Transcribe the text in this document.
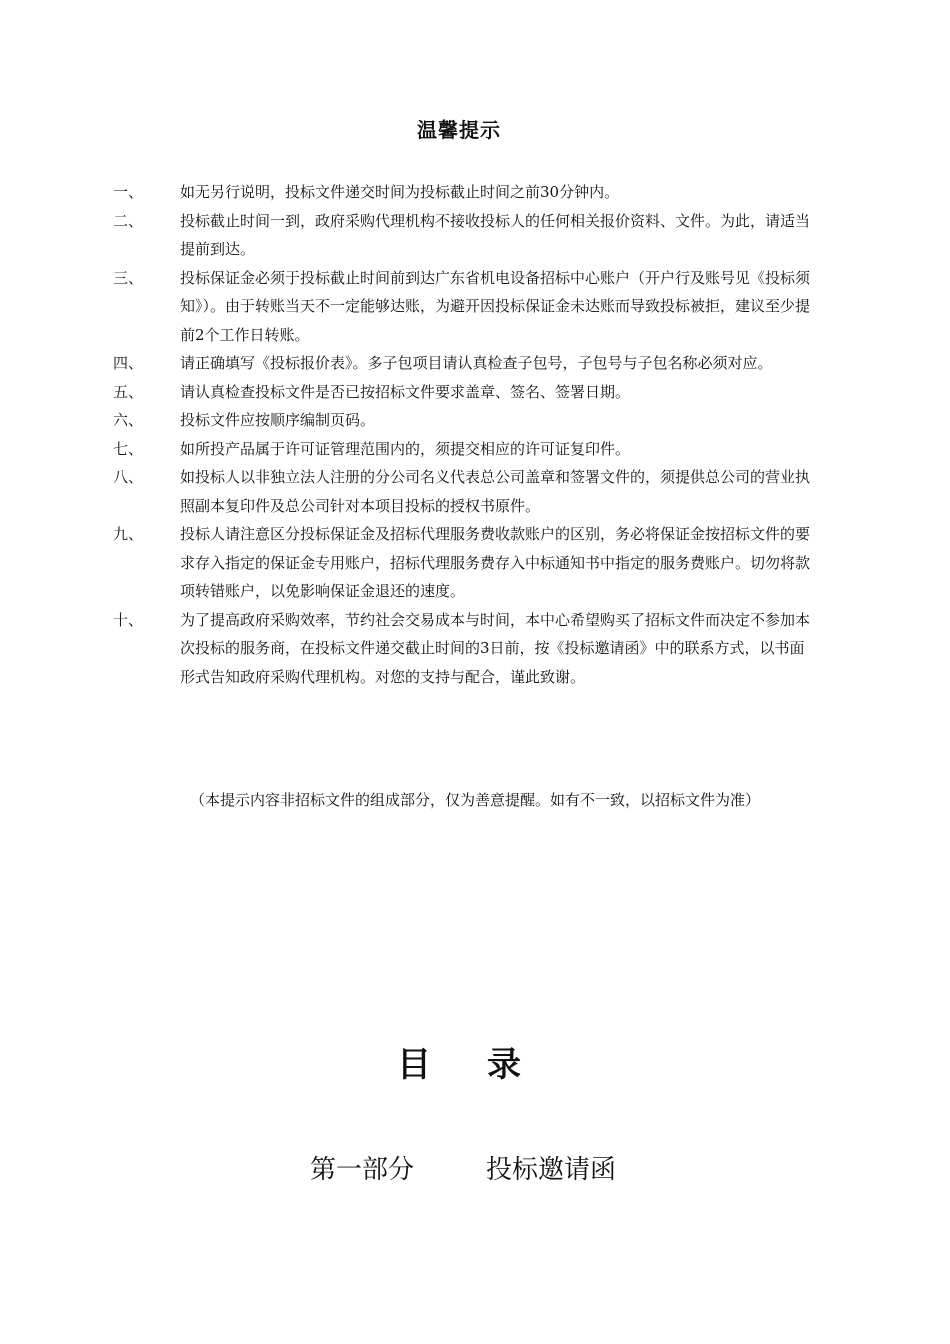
温馨提示
一、	如无另行说明，投标文件递交时间为投标截止时间之前30分钟内。
二、	投标截止时间一到，政府采购代理机构不接收投标人的任何相关报价资料、文件。为此，请适当提前到达。
三、	投标保证金必须于投标截止时间前到达广东省机电设备招标中心账户（开户行及账号见《投标须知》）。由于转账当天不一定能够达账，为避开因投标保证金未达账而导致投标被拒，建议至少提前2个工作日转账。
四、	请正确填写《投标报价表》。多子包项目请认真检查子包号，子包号与子包名称必须对应。
五、	请认真检查投标文件是否已按招标文件要求盖章、签名、签署日期。
六、	投标文件应按顺序编制页码。
七、	如所投产品属于许可证管理范围内的，须提交相应的许可证复印件。
八、	如投标人以非独立法人注册的分公司名义代表总公司盖章和签署文件的，须提供总公司的营业执照副本复印件及总公司针对本项目投标的授权书原件。
九、	投标人请注意区分投标保证金及招标代理服务费收款账户的区别，务必将保证金按招标文件的要求存入指定的保证金专用账户，招标代理服务费存入中标通知书中指定的服务费账户。切勿将款项转错账户，以免影响保证金退还的速度。
十、	为了提高政府采购效率，节约社会交易成本与时间，本中心希望购买了招标文件而决定不参加本次投标的服务商，在投标文件递交截止时间的3日前，按《投标邀请函》中的联系方式，以书面形式告知政府采购代理机构。对您的支持与配合，谨此致谢。
（本提示内容非招标文件的组成部分，仅为善意提醒。如有不一致，以招标文件为准）
目录
第一部分	投标邀请函
